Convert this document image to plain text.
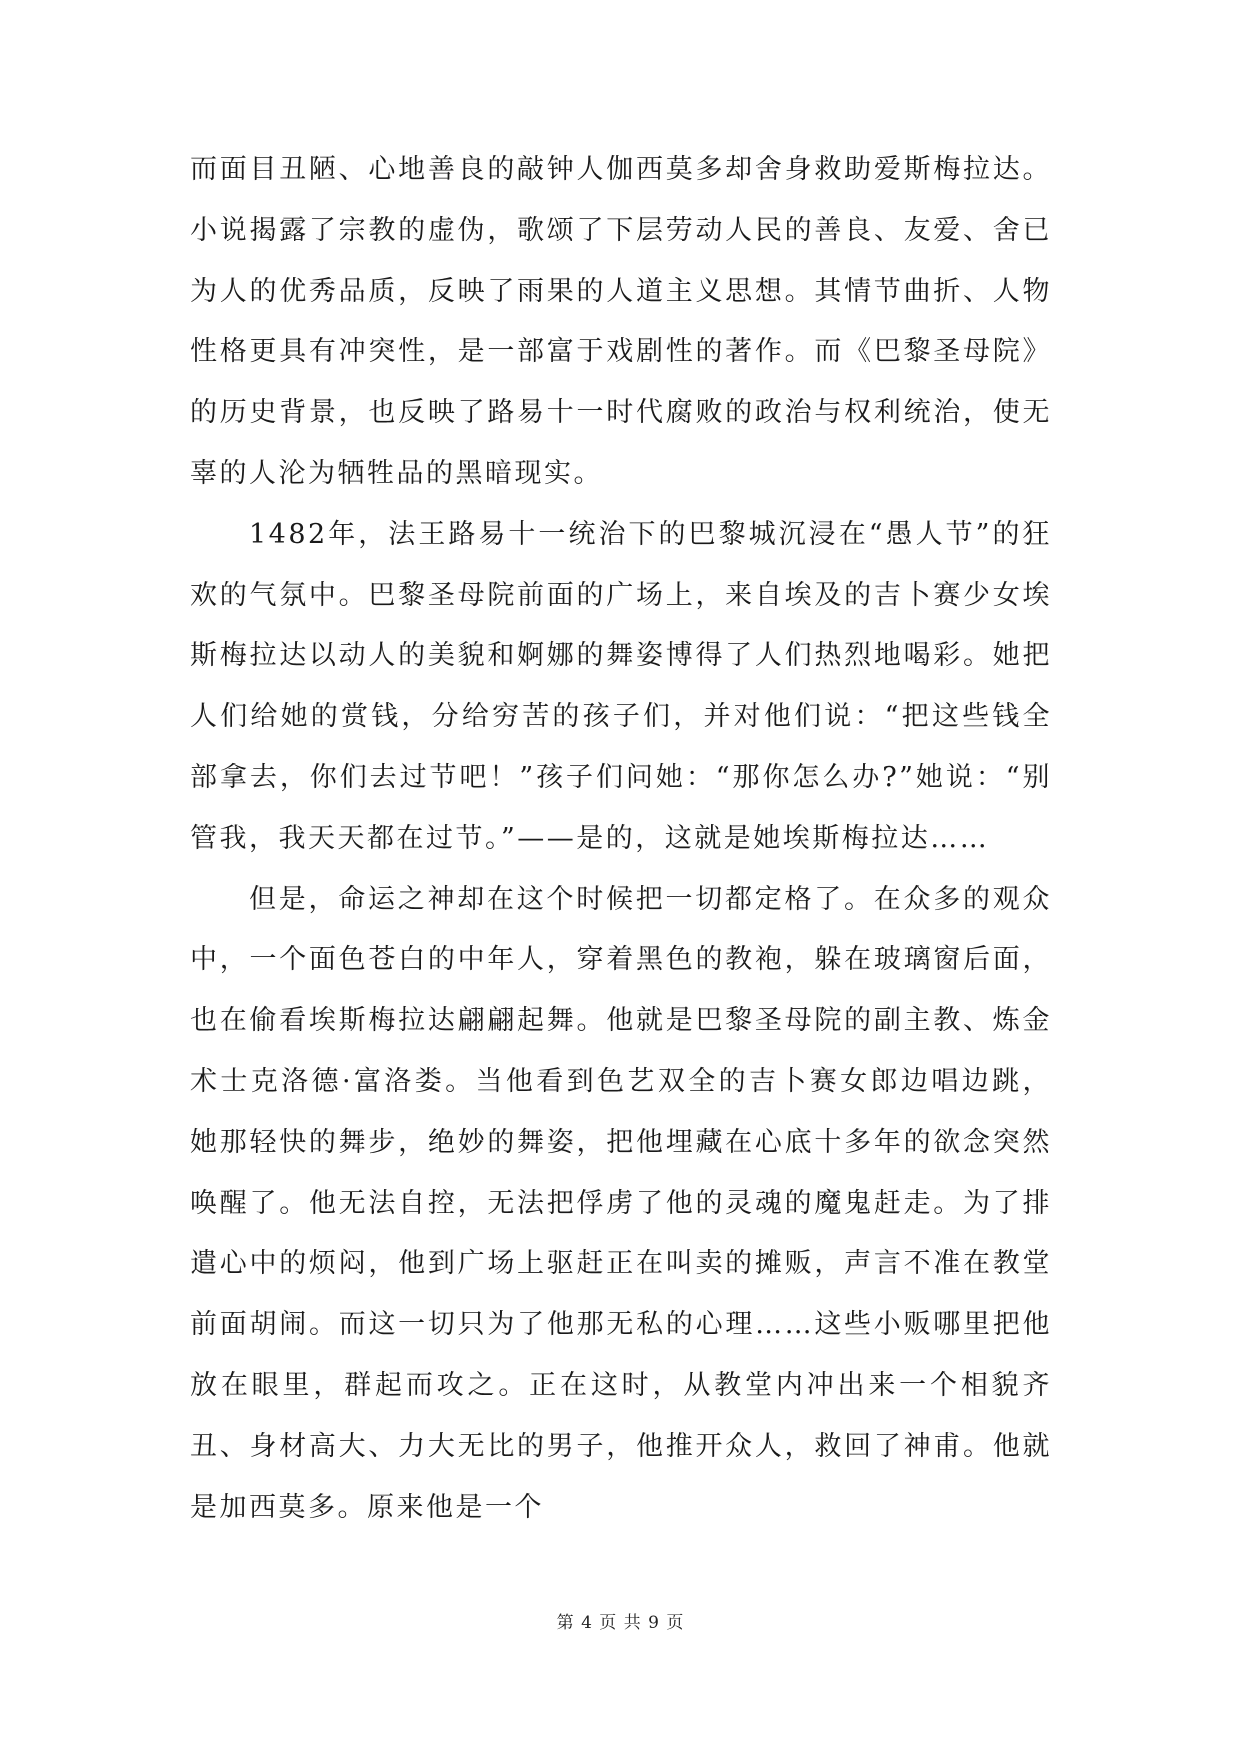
而面目丑陋、心地善良的敲钟人伽西莫多却舍身救助爱斯梅拉达。小说揭露了宗教的虚伪，歌颂了下层劳动人民的善良、友爱、舍已为人的优秀品质，反映了雨果的人道主义思想。其情节曲折、人物性格更具有冲突性，是一部富于戏剧性的著作。而《巴黎圣母院》的历史背景，也反映了路易十一时代腐败的政治与权利统治，使无辜的人沦为牺牲品的黑暗现实。

1482年，法王路易十一统治下的巴黎城沉浸在“愚人节”的狂欢的气氛中。巴黎圣母院前面的广场上，来自埃及的吉卜赛少女埃斯梅拉达以动人的美貌和婀娜的舞姿博得了人们热烈地喝彩。她把人们给她的赏钱，分给穷苦的孩子们，并对他们说：“把这些钱全部拿去，你们去过节吧！”孩子们问她：“那你怎么办?”她说：“别管我，我天天都在过节。”——是的，这就是她埃斯梅拉达……

但是，命运之神却在这个时候把一切都定格了。在众多的观众中，一个面色苍白的中年人，穿着黑色的教袍，躲在玻璃窗后面，也在偷看埃斯梅拉达翩翩起舞。他就是巴黎圣母院的副主教、炼金术士克洛德·富洛娄。当他看到色艺双全的吉卜赛女郎边唱边跳，她那轻快的舞步，绝妙的舞姿，把他埋藏在心底十多年的欲念突然唤醒了。他无法自控，无法把俘虏了他的灵魂的魔鬼赶走。为了排遣心中的烦闷，他到广场上驱赶正在叫卖的摊贩，声言不准在教堂前面胡闹。而这一切只为了他那无私的心理……这些小贩哪里把他放在眼里，群起而攻之。正在这时，从教堂内冲出来一个相貌齐丑、身材高大、力大无比的男子，他推开众人，救回了神甫。他就是加西莫多。原来他是一个

第 4 页 共 9 页
